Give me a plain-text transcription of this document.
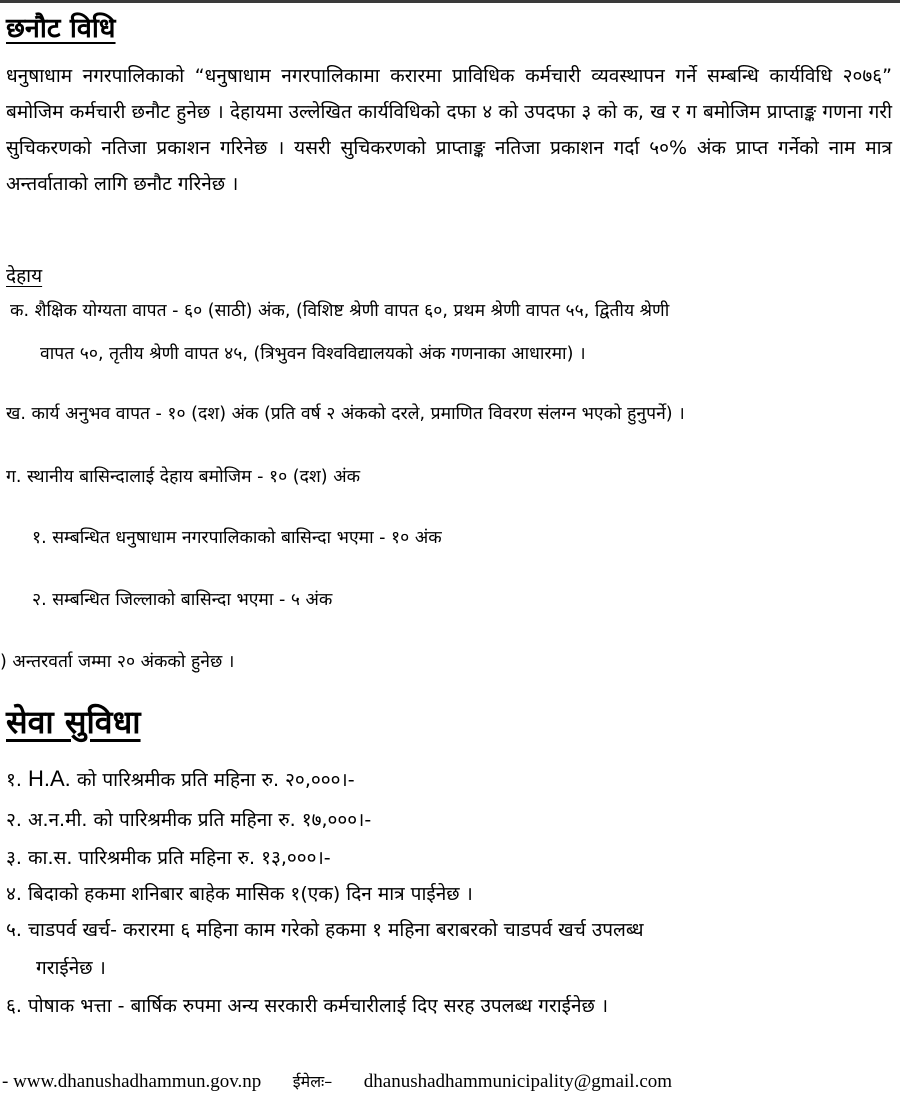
छनौट विधि

धनुषाधाम नगरपालिकाको “धनुषाधाम नगरपालिकामा करारमा प्राविधिक कर्मचारी व्यवस्थापन गर्ने सम्बन्धि कार्यविधि २०७६” बमोजिम कर्मचारी छनौट हुनेछ । देहायमा उल्लेखित कार्यविधिको दफा ४ को उपदफा ३ को क, ख र ग बमोजिम प्राप्ताङ्क गणना गरी सुचिकरणको नतिजा प्रकाशन गरिनेछ । यसरी सुचिकरणको प्राप्ताङ्क नतिजा प्रकाशन गर्दा ५०% अंक प्राप्त गर्नेको नाम मात्र अन्तर्वाताको लागि छनौट गरिनेछ ।

देहाय
क. शैक्षिक योग्यता वापत - ६० (साठी) अंक, (विशिष्ट श्रेणी वापत ६०, प्रथम श्रेणी वापत ५५, द्वितीय श्रेणी
वापत ५०, तृतीय श्रेणी वापत ४५, (त्रिभुवन विश्वविद्यालयको अंक गणनाका आधारमा) ।
ख. कार्य अनुभव वापत - १० (दश) अंक (प्रति वर्ष २ अंकको दरले, प्रमाणित विवरण संलग्न भएको हुनुपर्ने) ।
ग. स्थानीय बासिन्दालाई देहाय बमोजिम - १० (दश) अंक
१. सम्बन्धित धनुषाधाम नगरपालिकाको बासिन्दा भएमा - १० अंक
२. सम्बन्धित जिल्लाको बासिन्दा भएमा - ५ अंक
) अन्तरवर्ता जम्मा २० अंकको हुनेछ ।
सेवा सुविधा
१. H.A. को पारिश्रमीक प्रति महिना रु. २०,०००।-
२. अ.न.मी. को पारिश्रमीक प्रति महिना रु. १७,०००।-
३. का.स. पारिश्रमीक प्रति महिना रु. १३,०००।-
४. बिदाको हकमा शनिबार बाहेक मासिक १(एक) दिन मात्र पाईनेछ ।
५. चाडपर्व खर्च- करारमा ६ महिना काम गरेको हकमा १ महिना बराबरको चाडपर्व खर्च उपलब्ध
गराईनेछ ।
६. पोषाक भत्ता - बार्षिक रुपमा अन्य सरकारी कर्मचारीलाई दिए सरह उपलब्ध गराईनेछ ।
- www.dhanushadhammun.gov.np ईमेलः– dhanushadhammunicipality@gmail.com
